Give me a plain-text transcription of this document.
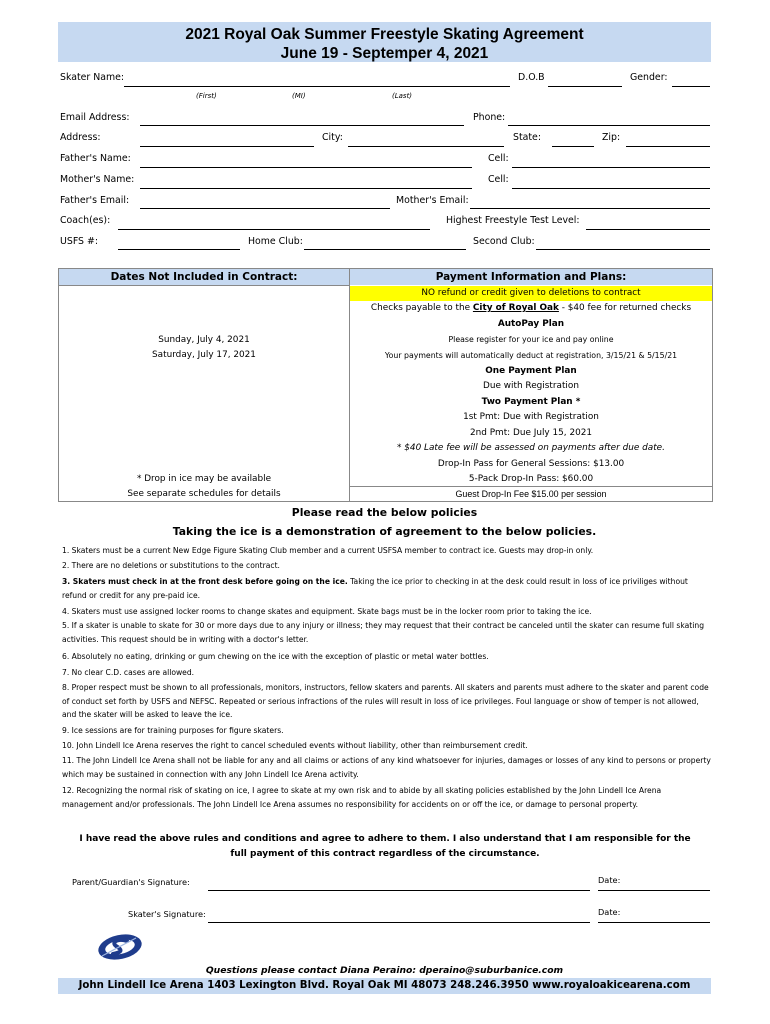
2021 Royal Oak Summer Freestyle Skating Agreement
June 19 - Septemper 4, 2021
Skater Name:	D.O.B	Gender:
(First)	(MI)	(Last)
Email Address:	Phone:
Address:	City:	State:	Zip:
Father's Name:	Cell:
Mother's Name:	Cell:
Father's Email:	Mother's Email:
Coach(es):	Highest Freestyle Test Level:
USFS #:	Home Club:	Second Club:
Dates Not Included in Contract:
Sunday, July 4, 2021
Saturday, July 17, 2021
* Drop in ice may be available
See separate schedules for details
Payment Information and Plans:
NO refund or credit given to deletions to contract
Checks payable to the City of Royal Oak - $40 fee for returned checks
AutoPay Plan
Please register for your ice and pay online
Your payments will automatically deduct at registration, 3/15/21 & 5/15/21
One Payment Plan
Due with Registration
Two Payment Plan *
1st Pmt: Due with Registration
2nd Pmt: Due July 15, 2021
* $40 Late fee will be assessed on payments after due date.
Drop-In Pass for General Sessions: $13.00
5-Pack Drop-In Pass: $60.00
Guest Drop-In Fee $15.00 per session
Please read the below policies
Taking the ice is a demonstration of agreement to the below policies.
1. Skaters must be a current New Edge Figure Skating Club member and a current USFSA member to contract ice. Guests may drop-in only.
2. There are no deletions or substitutions to the contract.
3. Skaters must check in at the front desk before going on the ice. Taking the ice prior to checking in at the desk could result in loss of ice priviliges without refund or credit for any pre-paid ice.
4. Skaters must use assigned locker rooms to change skates and equipment. Skate bags must be in the locker room prior to taking the ice.
5. If a skater is unable to skate for 30 or more days due to any injury or illness; they may request that their contract be canceled until the skater can resume full skating activities. This request should be in writing with a doctor's letter.
6. Absolutely no eating, drinking or gum chewing on the ice with the exception of plastic or metal water bottles.
7. No clear C.D. cases are allowed.
8. Proper respect must be shown to all professionals, monitors, instructors, fellow skaters and parents. All skaters and parents must adhere to the skater and parent code of conduct set forth by USFS and NEFSC. Repeated or serious infractions of the rules will result in loss of ice privileges. Foul language or show of temper is not allowed, and the skater will be asked to leave the ice.
9. Ice sessions are for training purposes for figure skaters.
10. John Lindell Ice Arena reserves the right to cancel scheduled events without liability, other than reimbursement credit.
11. The John Lindell Ice Arena shall not be liable for any and all claims or actions of any kind whatsoever for injuries, damages or losses of any kind to persons or property which may be sustained in connection with any John Lindell Ice Arena activity.
12. Recognizing the normal risk of skating on ice, I agree to skate at my own risk and to abide by all skating policies established by the John Lindell Ice Arena management and/or professionals. The John Lindell Ice Arena assumes no responsibility for accidents on or off the ice, or damage to personal property.
I have read the above rules and conditions and agree to adhere to them. I also understand that I am responsible for the full payment of this contract regardless of the circumstance.
Parent/Guardian's Signature:	Date:
Skater's Signature:	Date:
Questions please contact Diana Peraino: dperaino@suburbanice.com
John Lindell Ice Arena 1403 Lexington Blvd. Royal Oak MI 48073 248.246.3950 www.royaloakicearena.com
